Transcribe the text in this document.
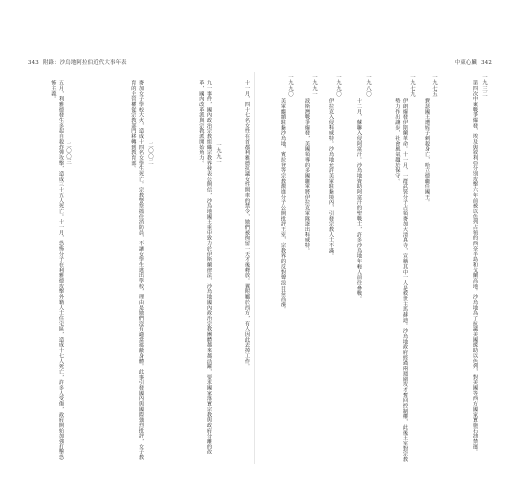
343 附錄：沙烏地阿拉伯近代大事年表
十一月，四十七名女性在首都利雅德抗議女性開車的禁令，她們被拘留一天才後釋放。翼附屬於西方，有人因此丟掉工作。
一九九一
九一事件，國內政治宗教組織宗教界發表公開信，沙烏地國王重申致力於伊斯蘭律法，沙烏地國內政治宗教團體越來越活躍，要求國家落實宗教與政府分離的改革，國內改革派與宗教派開始角力。
二〇〇二
麥加女子學校大火，造成十四名女學生死亡。宗教警察擋住消防員，不讓女學生逃出學校，理由是她們沒有適當遮蔽身體。此事引發國內與國際強烈批評，女子教育的主管權從宗教部門移轉到教育部。
二〇〇三
五月，利雅德發生多起自殺炸彈攻擊，造成三十五人死亡。十一月，恐怖分子在利雅德攻擊外籍人士住宅區，造成十七人死亡，許多人受傷，政府開始加強打擊恐怖主義。
中東心臟 342
一九三二
第四次中東戰爭爆發，埃及與敘利亞分別攻擊六年前被以色列占領的西奈半島和戈蘭高地。沙烏地為了抗議美國援助以色列，對美國等西方國家實施石油禁運。
一九七五
費瑟國王遭姪子刺殺身亡，哈立德繼任國王。
一九七九
伊朗爆發伊斯蘭革命。十一月，一群武裝分子占領麥加大清真寺，宣稱其中一人是救世主馬赫迪。沙烏地政府經過兩週圍攻才奪回控制權，此後王室對宗教勢力作出讓步，社會風氣趨於保守。
一九八〇
十二月，蘇聯入侵阿富汗。沙烏地資助阿富汗的聖戰士，許多沙烏地年輕人前往參戰。
一九九〇
伊拉克入侵科威特。沙烏地允許美軍駐紮境內，引發宗教人士不滿。
一九九一
波斯灣戰爭爆發，美國領導的多國聯軍將伊拉克軍隊逐出科威特。
一九九〇
美軍繼續駐紮沙烏地，賓拉登等宗教激進分子公開批評王室，宗教界的反對聲浪日益高漲。
